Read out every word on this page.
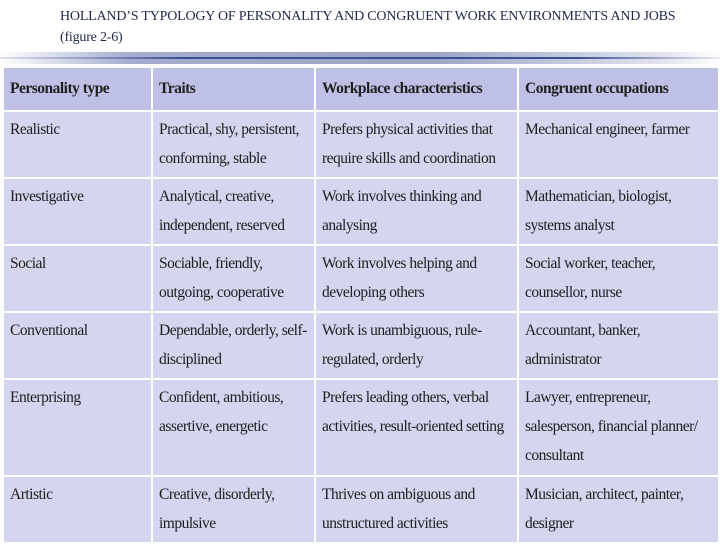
HOLLAND’S TYPOLOGY OF PERSONALITY AND CONGRUENT WORK ENVIRONMENTS AND JOBS (figure 2-6)
Personality type	Traits	Workplace characteristics	Congruent occupations
Realistic	Practical, shy, persistent, conforming, stable	Prefers physical activities that require skills and coordination	Mechanical engineer, farmer
Investigative	Analytical, creative, independent, reserved	Work involves thinking and analysing	Mathematician, biologist, systems analyst
Social	Sociable, friendly, outgoing, cooperative	Work involves helping and developing others	Social worker, teacher, counsellor, nurse
Conventional	Dependable, orderly, self-disciplined	Work is unambiguous, rule-regulated, orderly	Accountant, banker, administrator
Enterprising	Confident, ambitious, assertive, energetic	Prefers leading others, verbal activities, result-oriented setting	Lawyer, entrepreneur, salesperson, financial planner/ consultant
Artistic	Creative, disorderly, impulsive	Thrives on ambiguous and unstructured activities	Musician, architect, painter, designer
